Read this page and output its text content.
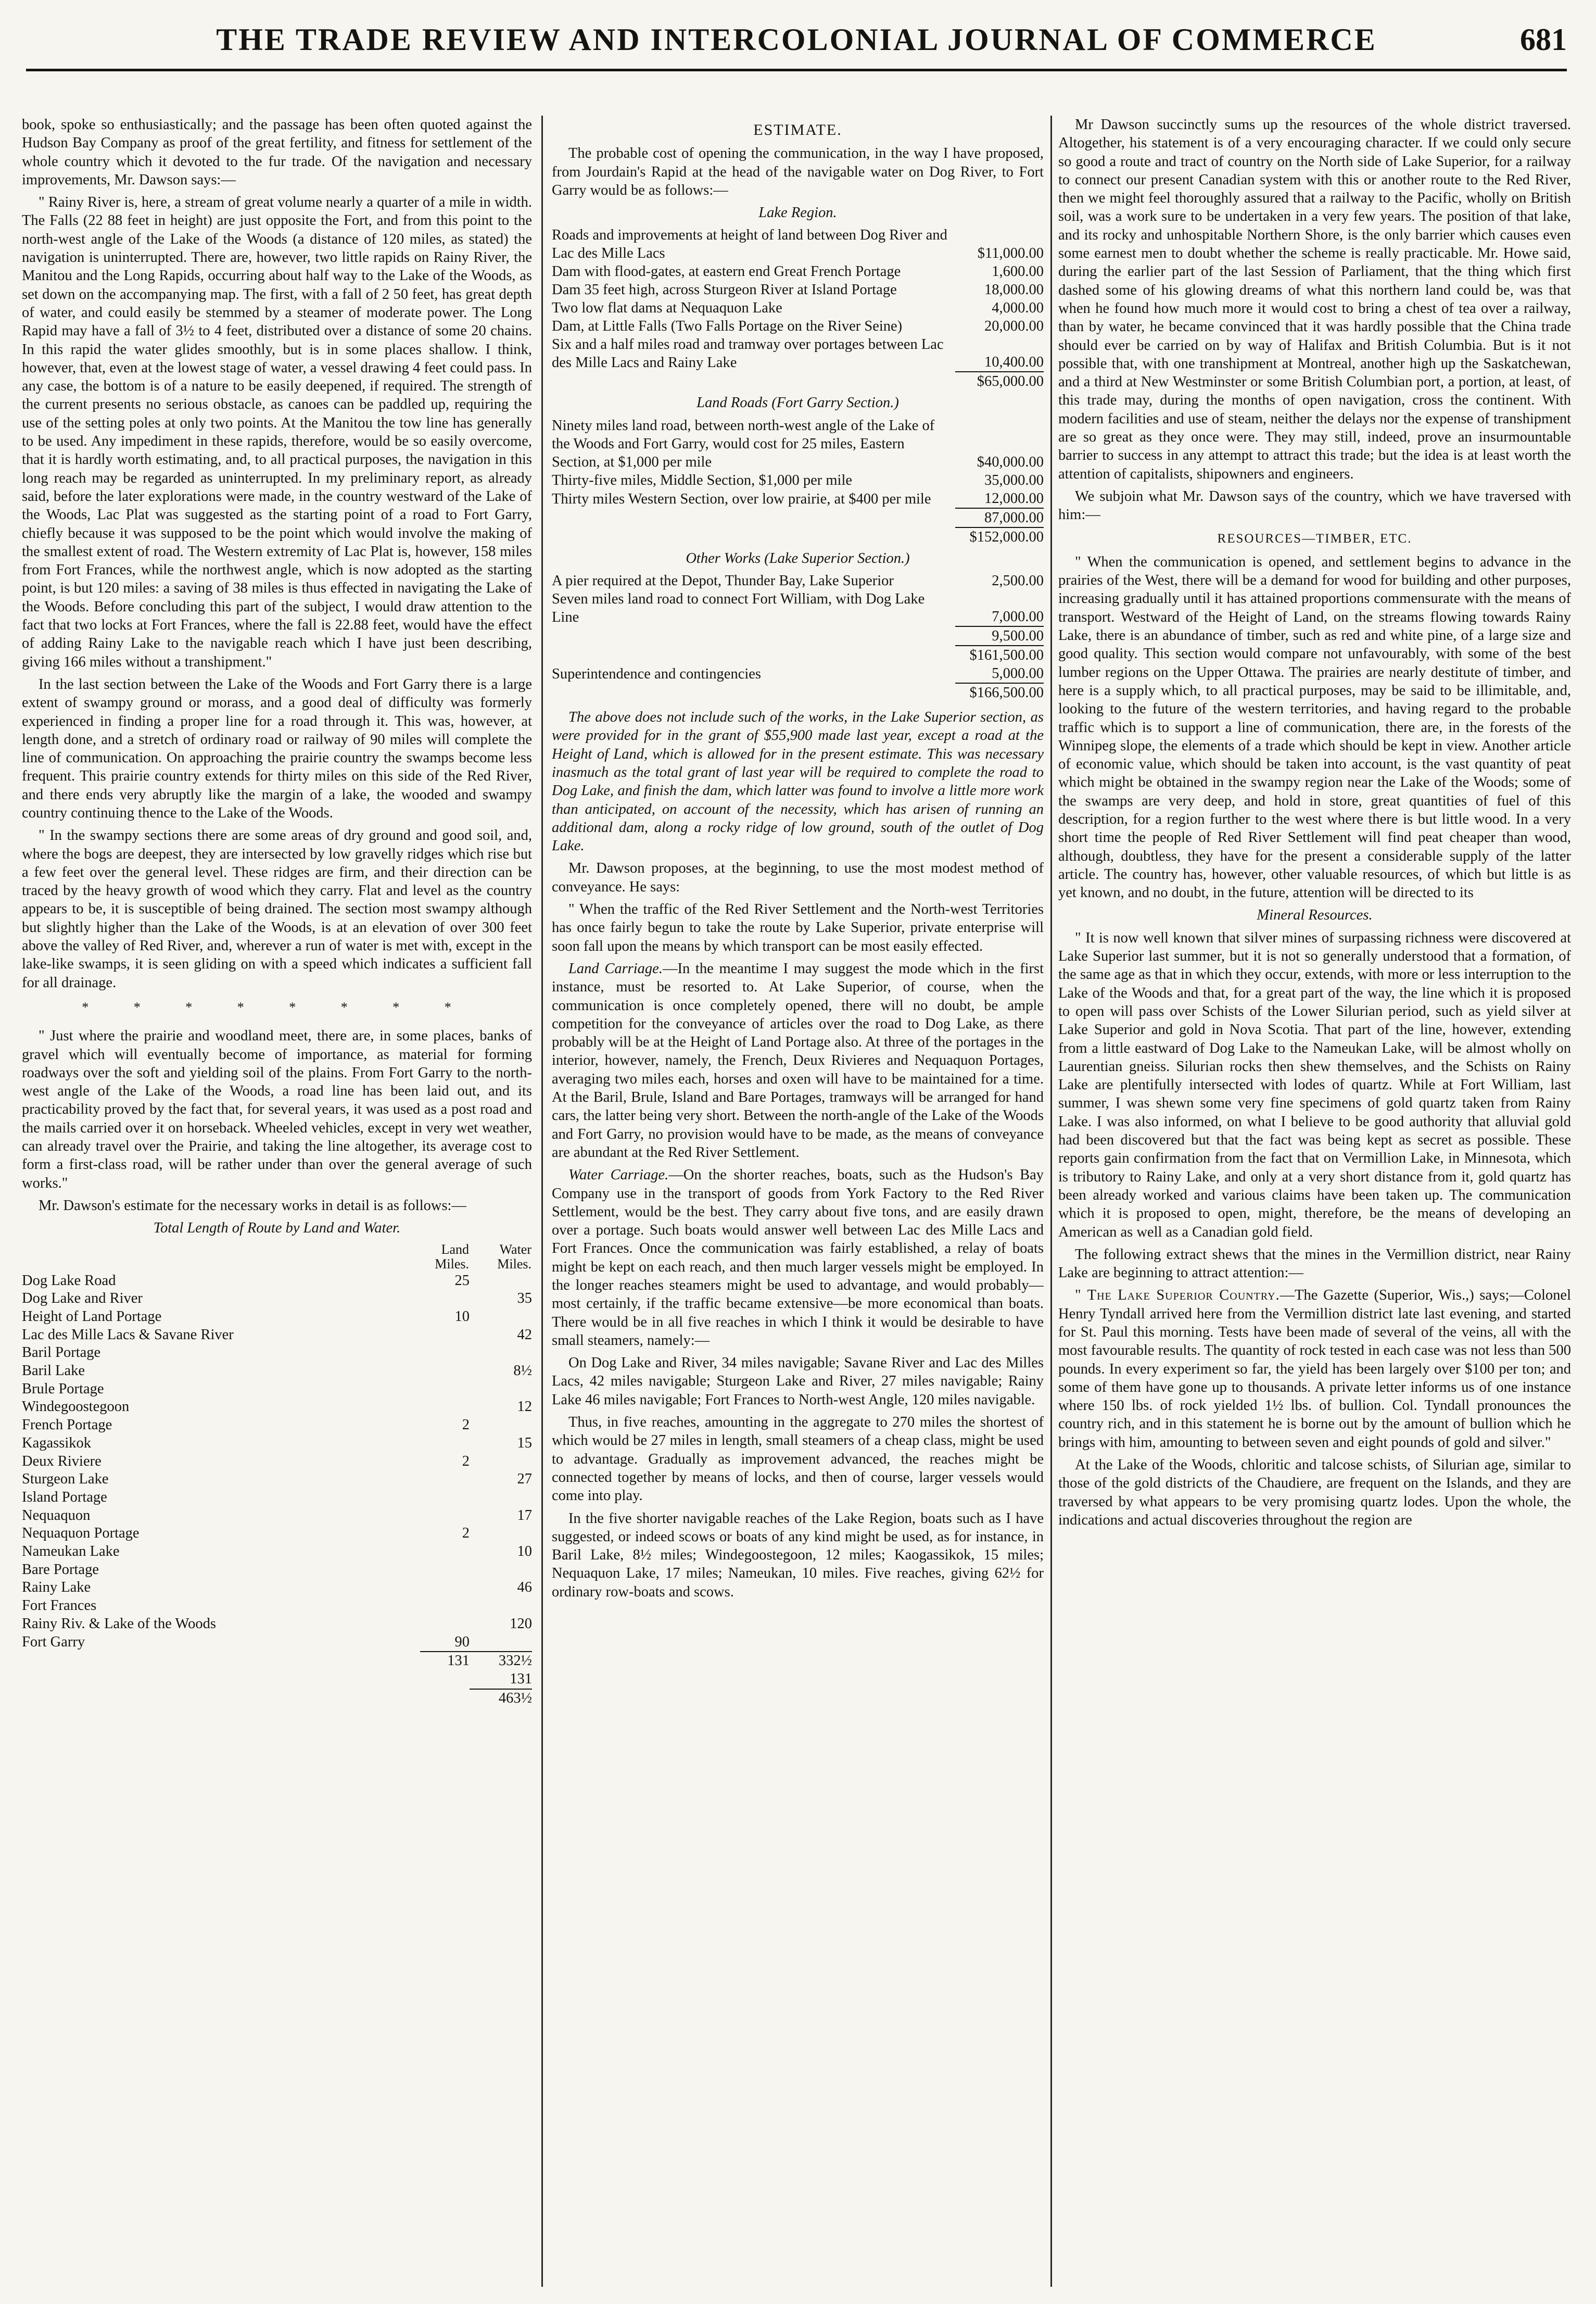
THE TRADE REVIEW AND INTERCOLONIAL JOURNAL OF COMMERCE	681

book, spoke so enthusiastically; and the passage has been often quoted against the Hudson Bay Company as proof of the great fertility, and fitness for settlement of the whole country which it devoted to the fur trade. Of the navigation and necessary improvements, Mr. Dawson says:—

" Rainy River is, here, a stream of great volume nearly a quarter of a mile in width. The Falls (22 88 feet in height) are just opposite the Fort, and from this point to the north-west angle of the Lake of the Woods (a distance of 120 miles, as stated) the navigation is uninterrupted. There are, however, two little rapids on Rainy River, the Manitou and the Long Rapids, occurring about half way to the Lake of the Woods, as set down on the accompanying map. The first, with a fall of 2 50 feet, has great depth of water, and could easily be stemmed by a steamer of moderate power. The Long Rapid may have a fall of 3½ to 4 feet, distributed over a distance of some 20 chains. In this rapid the water glides smoothly, but is in some places shallow. I think, however, that, even at the lowest stage of water, a vessel drawing 4 feet could pass. In any case, the bottom is of a nature to be easily deepened, if required. The strength of the current presents no serious obstacle, as canoes can be paddled up, requiring the use of the setting poles at only two points. At the Manitou the tow line has generally to be used. Any impediment in these rapids, therefore, would be so easily overcome, that it is hardly worth estimating, and, to all practical purposes, the navigation in this long reach may be regarded as uninterrupted. In my preliminary report, as already said, before the later explorations were made, in the country westward of the Lake of the Woods, Lac Plat was suggested as the starting point of a road to Fort Garry, chiefly because it was supposed to be the point which would involve the making of the smallest extent of road. The Western extremity of Lac Plat is, however, 158 miles from Fort Frances, while the northwest angle, which is now adopted as the starting point, is but 120 miles: a saving of 38 miles is thus effected in navigating the Lake of the Woods. Before concluding this part of the subject, I would draw attention to the fact that two locks at Fort Frances, where the fall is 22.88 feet, would have the effect of adding Rainy Lake to the navigable reach which I have just been describing, giving 166 miles without a transhipment."

In the last section between the Lake of the Woods and Fort Garry there is a large extent of swampy ground or morass, and a good deal of difficulty was formerly experienced in finding a proper line for a road through it. This was, however, at length done, and a stretch of ordinary road or railway of 90 miles will complete the line of communication. On approaching the prairie country the swamps become less frequent. This prairie country extends for thirty miles on this side of the Red River, and there ends very abruptly like the margin of a lake, the wooded and swampy country continuing thence to the Lake of the Woods.

" In the swampy sections there are some areas of dry ground and good soil, and, where the bogs are deepest, they are intersected by low gravelly ridges which rise but a few feet over the general level. These ridges are firm, and their direction can be traced by the heavy growth of wood which they carry. Flat and level as the country appears to be, it is susceptible of being drained. The section most swampy although but slightly higher than the Lake of the Woods, is at an elevation of over 300 feet above the valley of Red River, and, wherever a run of water is met with, except in the lake-like swamps, it is seen gliding on with a speed which indicates a sufficient fall for all drainage.

* * * * * * * *

" Just where the prairie and woodland meet, there are, in some places, banks of gravel which will eventually become of importance, as material for forming roadways over the soft and yielding soil of the plains. From Fort Garry to the north-west angle of the Lake of the Woods, a road line has been laid out, and its practicability proved by the fact that, for several years, it was used as a post road and the mails carried over it on horseback. Wheeled vehicles, except in very wet weather, can already travel over the Prairie, and taking the line altogether, its average cost to form a first-class road, will be rather under than over the general average of such works."

Mr. Dawson's estimate for the necessary works in detail is as follows:—

Total Length of Route by Land and Water.
	Land Miles.	Water Miles.
Dog Lake Road	25	
Dog Lake and River		35
Height of Land Portage	10	
Lac des Mille Lacs & Savane River		42
Baril Portage		
Baril Lake		8½
Brule Portage		
Windegoostegoon		12
French Portage	2	
Kagassikok		15
Deux Riviere	2	
Sturgeon Lake		27
Island Portage		
Nequaquon		17
Nequaquon Portage	2	
Nameukan Lake		10
Bare Portage		
Rainy Lake		46
Fort Frances		
Rainy Riv. & Lake of the Woods		120
Fort Garry	90	
	131	332½
		131
		463½
ESTIMATE.

The probable cost of opening the communication, in the way I have proposed, from Jourdain's Rapid at the head of the navigable water on Dog River, to Fort Garry would be as follows:—

Lake Region.
Roads and improvements at height of land between Dog River and Lac des Mille Lacs	$11,000.00
Dam with flood-gates, at eastern end Great French Portage	1,600.00
Dam 35 feet high, across Sturgeon River at Island Portage	18,000.00
Two low flat dams at Nequaquon Lake	4,000.00
Dam, at Little Falls (Two Falls Portage on the River Seine)	20,000.00
Six and a half miles road and tramway over portages between Lac des Mille Lacs and Rainy Lake	10,400.00
	$65,000.00
Land Roads (Fort Garry Section.)
Ninety miles land road, between north-west angle of the Lake of the Woods and Fort Garry, would cost for 25 miles, Eastern Section, at $1,000 per mile	$40,000.00
Thirty-five miles, Middle Section, $1,000 per mile	35,000.00
Thirty miles Western Section, over low prairie, at $400 per mile	12,000.00
	87,000.00
	$152,000.00
Other Works (Lake Superior Section.)
A pier required at the Depot, Thunder Bay, Lake Superior	2,500.00
Seven miles land road to connect Fort William, with Dog Lake Line	7,000.00
	9,500.00
	$161,500.00
Superintendence and contingencies	5,000.00
	$166,500.00

The above does not include such of the works, in the Lake Superior section, as were provided for in the grant of $55,900 made last year, except a road at the Height of Land, which is allowed for in the present estimate. This was necessary inasmuch as the total grant of last year will be required to complete the road to Dog Lake, and finish the dam, which latter was found to involve a little more work than anticipated, on account of the necessity, which has arisen of running an additional dam, along a rocky ridge of low ground, south of the outlet of Dog Lake.

Mr. Dawson proposes, at the beginning, to use the most modest method of conveyance. He says:

" When the traffic of the Red River Settlement and the North-west Territories has once fairly begun to take the route by Lake Superior, private enterprise will soon fall upon the means by which transport can be most easily effected.

Land Carriage.—In the meantime I may suggest the mode which in the first instance, must be resorted to. At Lake Superior, of course, when the communication is once completely opened, there will no doubt, be ample competition for the conveyance of articles over the road to Dog Lake, as there probably will be at the Height of Land Portage also. At three of the portages in the interior, however, namely, the French, Deux Rivieres and Nequaquon Portages, averaging two miles each, horses and oxen will have to be maintained for a time. At the Baril, Brule, Island and Bare Portages, tramways will be arranged for hand cars, the latter being very short. Between the north-angle of the Lake of the Woods and Fort Garry, no provision would have to be made, as the means of conveyance are abundant at the Red River Settlement.

Water Carriage.—On the shorter reaches, boats, such as the Hudson's Bay Company use in the transport of goods from York Factory to the Red River Settlement, would be the best. They carry about five tons, and are easily drawn over a portage. Such boats would answer well between Lac des Mille Lacs and Fort Frances. Once the communication was fairly established, a relay of boats might be kept on each reach, and then much larger vessels might be employed. In the longer reaches steamers might be used to advantage, and would probably—most certainly, if the traffic became extensive—be more economical than boats. There would be in all five reaches in which I think it would be desirable to have small steamers, namely:—

On Dog Lake and River, 34 miles navigable; Savane River and Lac des Milles Lacs, 42 miles navigable; Sturgeon Lake and River, 27 miles navigable; Rainy Lake 46 miles navigable; Fort Frances to North-west Angle, 120 miles navigable.

Thus, in five reaches, amounting in the aggregate to 270 miles the shortest of which would be 27 miles in length, small steamers of a cheap class, might be used to advantage. Gradually as improvement advanced, the reaches might be connected together by means of locks, and then of course, larger vessels would come into play.

In the five shorter navigable reaches of the Lake Region, boats such as I have suggested, or indeed scows or boats of any kind might be used, as for instance, in Baril Lake, 8½ miles; Windegoostegoon, 12 miles; Kaogassikok, 15 miles; Nequaquon Lake, 17 miles; Nameukan, 10 miles. Five reaches, giving 62½ for ordinary row-boats and scows.

Mr Dawson succinctly sums up the resources of the whole district traversed. Altogether, his statement is of a very encouraging character. If we could only secure so good a route and tract of country on the North side of Lake Superior, for a railway to connect our present Canadian system with this or another route to the Red River, then we might feel thoroughly assured that a railway to the Pacific, wholly on British soil, was a work sure to be undertaken in a very few years. The position of that lake, and its rocky and unhospitable Northern Shore, is the only barrier which causes even some earnest men to doubt whether the scheme is really practicable. Mr. Howe said, during the earlier part of the last Session of Parliament, that the thing which first dashed some of his glowing dreams of what this northern land could be, was that when he found how much more it would cost to bring a chest of tea over a railway, than by water, he became convinced that it was hardly possible that the China trade should ever be carried on by way of Halifax and British Columbia. But is it not possible that, with one transhipment at Montreal, another high up the Saskatchewan, and a third at New Westminster or some British Columbian port, a portion, at least, of this trade may, during the months of open navigation, cross the continent. With modern facilities and use of steam, neither the delays nor the expense of transhipment are so great as they once were. They may still, indeed, prove an insurmountable barrier to success in any attempt to attract this trade; but the idea is at least worth the attention of capitalists, shipowners and engineers.

We subjoin what Mr. Dawson says of the country, which we have traversed with him:—

RESOURCES—TIMBER, ETC.

" When the communication is opened, and settlement begins to advance in the prairies of the West, there will be a demand for wood for building and other purposes, increasing gradually until it has attained proportions commensurate with the means of transport. Westward of the Height of Land, on the streams flowing towards Rainy Lake, there is an abundance of timber, such as red and white pine, of a large size and good quality. This section would compare not unfavourably, with some of the best lumber regions on the Upper Ottawa. The prairies are nearly destitute of timber, and here is a supply which, to all practical purposes, may be said to be illimitable, and, looking to the future of the western territories, and having regard to the probable traffic which is to support a line of communication, there are, in the forests of the Winnipeg slope, the elements of a trade which should be kept in view. Another article of economic value, which should be taken into account, is the vast quantity of peat which might be obtained in the swampy region near the Lake of the Woods; some of the swamps are very deep, and hold in store, great quantities of fuel of this description, for a region further to the west where there is but little wood. In a very short time the people of Red River Settlement will find peat cheaper than wood, although, doubtless, they have for the present a considerable supply of the latter article. The country has, however, other valuable resources, of which but little is as yet known, and no doubt, in the future, attention will be directed to its

Mineral Resources.

" It is now well known that silver mines of surpassing richness were discovered at Lake Superior last summer, but it is not so generally understood that a formation, of the same age as that in which they occur, extends, with more or less interruption to the Lake of the Woods and that, for a great part of the way, the line which it is proposed to open will pass over Schists of the Lower Silurian period, such as yield silver at Lake Superior and gold in Nova Scotia. That part of the line, however, extending from a little eastward of Dog Lake to the Nameukan Lake, will be almost wholly on Laurentian gneiss. Silurian rocks then shew themselves, and the Schists on Rainy Lake are plentifully intersected with lodes of quartz. While at Fort William, last summer, I was shewn some very fine specimens of gold quartz taken from Rainy Lake. I was also informed, on what I believe to be good authority that alluvial gold had been discovered but that the fact was being kept as secret as possible. These reports gain confirmation from the fact that on Vermillion Lake, in Minnesota, which is tributory to Rainy Lake, and only at a very short distance from it, gold quartz has been already worked and various claims have been taken up. The communication which it is proposed to open, might, therefore, be the means of developing an American as well as a Canadian gold field.

The following extract shews that the mines in the Vermillion district, near Rainy Lake are beginning to attract attention:—

" The Lake Superior Country.—The Gazette (Superior, Wis.,) says;—Colonel Henry Tyndall arrived here from the Vermillion district late last evening, and started for St. Paul this morning. Tests have been made of several of the veins, all with the most favourable results. The quantity of rock tested in each case was not less than 500 pounds. In every experiment so far, the yield has been largely over $100 per ton; and some of them have gone up to thousands. A private letter informs us of one instance where 150 lbs. of rock yielded 1½ lbs. of bullion. Col. Tyndall pronounces the country rich, and in this statement he is borne out by the amount of bullion which he brings with him, amounting to between seven and eight pounds of gold and silver."

At the Lake of the Woods, chloritic and talcose schists, of Silurian age, similar to those of the gold districts of the Chaudiere, are frequent on the Islands, and they are traversed by what appears to be very promising quartz lodes. Upon the whole, the indications and actual discoveries throughout the region are
